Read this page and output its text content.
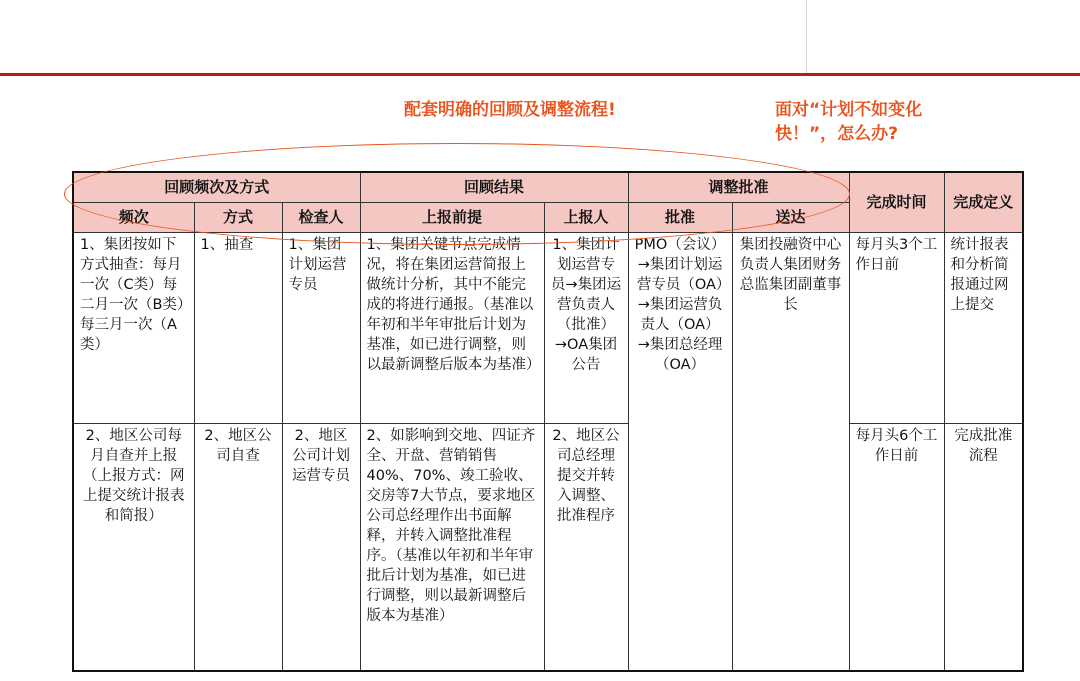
配套明确的回顾及调整流程!	面对“计划不如变化快！”，怎么办?

回顾频次及方式			回顾结果		调整批准		完成时间	完成定义
频次	方式	检查人	上报前提	上报人	批准	送达		
1、集团按如下方式抽查：每月一次（C类）每二月一次（B类）每三月一次（A类）	1、抽查	1、集团计划运营专员	1、集团关键节点完成情况，将在集团运营简报上做统计分析，其中不能完成的将进行通报。（基准以年初和半年审批后计划为基准，如已进行调整，则以最新调整后版本为基准）	1、集团计划运营专员→集团运营负责人（批准）→OA集团公告	PMO（会议）→集团计划运营专员（OA）→集团运营负责人（OA）→集团总经理（OA）	集团投融资中心负责人集团财务总监集团副董事长	每月头3个工作日前	统计报表和分析简报通过网上提交
2、地区公司每月自查并上报（上报方式：网上提交统计报表和简报）	2、地区公司自查	2、地区公司计划运营专员	2、如影响到交地、四证齐全、开盘、营销销售40%、70%、竣工验收、交房等7大节点，要求地区公司总经理作出书面解释，并转入调整批准程序。（基准以年初和半年审批后计划为基准，如已进行调整，则以最新调整后版本为基准）	2、地区公司总经理提交并转入调整、批准程序			每月头6个工作日前	完成批准流程
